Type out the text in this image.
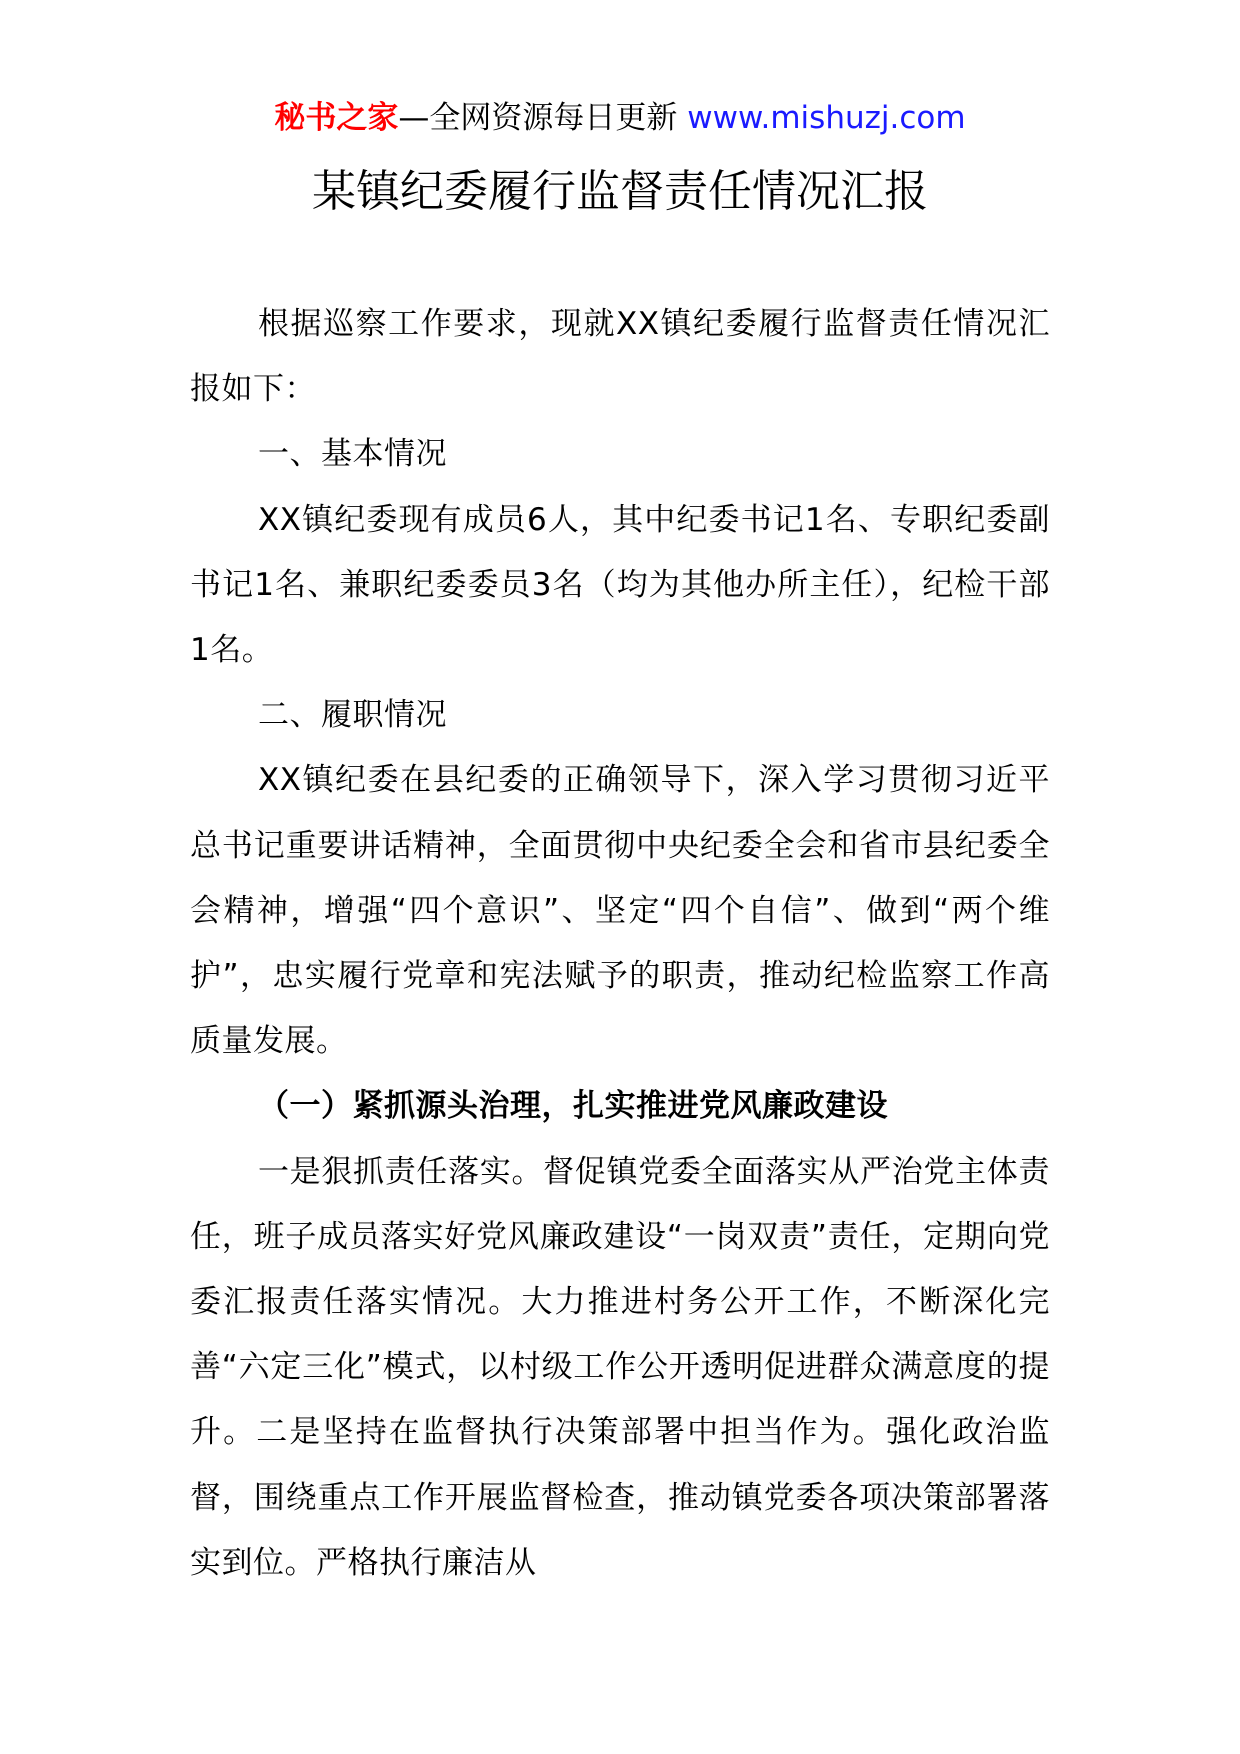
秘书之家—全网资源每日更新 www.mishuzj.com
某镇纪委履行监督责任情况汇报

根据巡察工作要求，现就XX镇纪委履行监督责任情况汇报如下：

一、基本情况

XX镇纪委现有成员6人，其中纪委书记1名、专职纪委副书记1名、兼职纪委委员3名（均为其他办所主任），纪检干部1名。

二、履职情况

XX镇纪委在县纪委的正确领导下，深入学习贯彻习近平总书记重要讲话精神，全面贯彻中央纪委全会和省市县纪委全会精神，增强“四个意识”、坚定“四个自信”、做到“两个维护”，忠实履行党章和宪法赋予的职责，推动纪检监察工作高质量发展。

（一）紧抓源头治理，扎实推进党风廉政建设

一是狠抓责任落实。督促镇党委全面落实从严治党主体责任，班子成员落实好党风廉政建设“一岗双责”责任，定期向党委汇报责任落实情况。大力推进村务公开工作，不断深化完善“六定三化”模式，以村级工作公开透明促进群众满意度的提升。二是坚持在监督执行决策部署中担当作为。强化政治监督，围绕重点工作开展监督检查，推动镇党委各项决策部署落实到位。严格执行廉洁从
